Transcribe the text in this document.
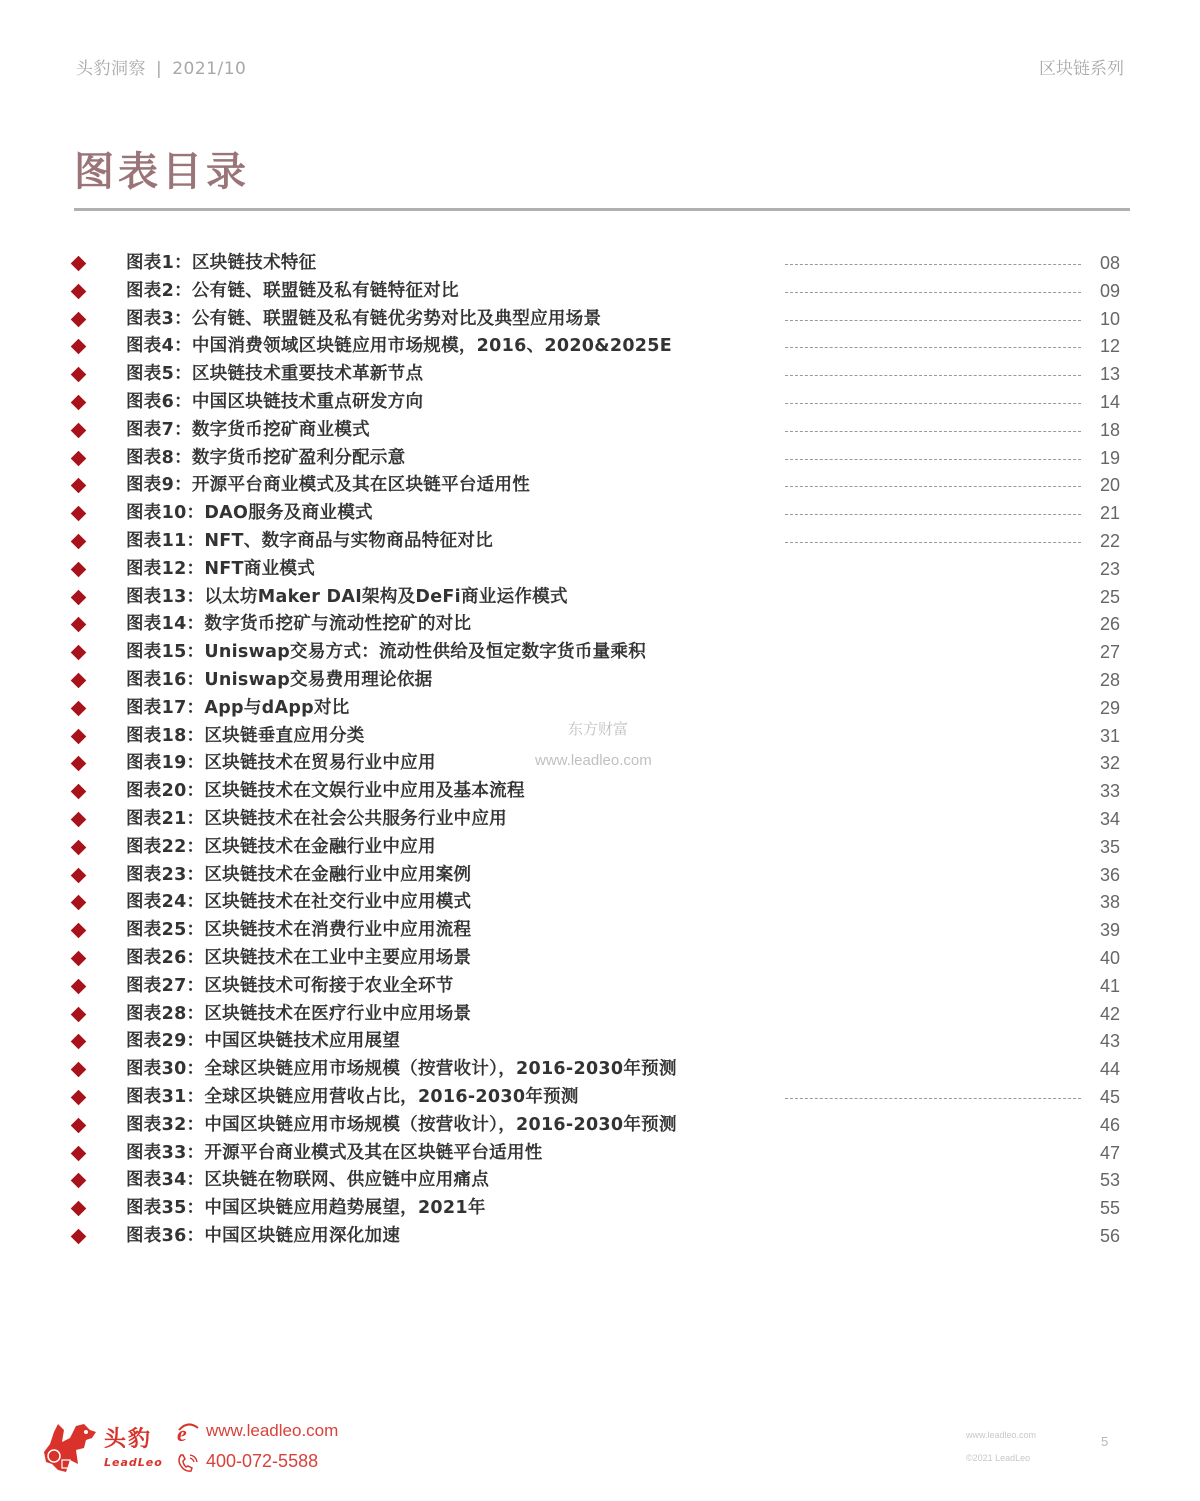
头豹洞察 | 2021/10	区块链系列
图表目录
图表1：区块链技术特征	08
图表2：公有链、联盟链及私有链特征对比	09
图表3：公有链、联盟链及私有链优劣势对比及典型应用场景	10
图表4：中国消费领域区块链应用市场规模，2016、2020&2025E	12
图表5：区块链技术重要技术革新节点	13
图表6：中国区块链技术重点研发方向	14
图表7：数字货币挖矿商业模式	18
图表8：数字货币挖矿盈利分配示意	19
图表9：开源平台商业模式及其在区块链平台适用性	20
图表10：DAO服务及商业模式	21
图表11：NFT、数字商品与实物商品特征对比	22
图表12：NFT商业模式	23
图表13：以太坊Maker DAI架构及DeFi商业运作模式	25
图表14：数字货币挖矿与流动性挖矿的对比	26
图表15：Uniswap交易方式：流动性供给及恒定数字货币量乘积	27
图表16：Uniswap交易费用理论依据	28
图表17：App与dApp对比	29
图表18：区块链垂直应用分类	31
图表19：区块链技术在贸易行业中应用	32
图表20：区块链技术在文娱行业中应用及基本流程	33
图表21：区块链技术在社会公共服务行业中应用	34
图表22：区块链技术在金融行业中应用	35
图表23：区块链技术在金融行业中应用案例	36
图表24：区块链技术在社交行业中应用模式	38
图表25：区块链技术在消费行业中应用流程	39
图表26：区块链技术在工业中主要应用场景	40
图表27：区块链技术可衔接于农业全环节	41
图表28：区块链技术在医疗行业中应用场景	42
图表29：中国区块链技术应用展望	43
图表30：全球区块链应用市场规模（按营收计），2016-2030年预测	44
图表31：全球区块链应用营收占比，2016-2030年预测	45
图表32：中国区块链应用市场规模（按营收计），2016-2030年预测	46
图表33：开源平台商业模式及其在区块链平台适用性	47
图表34：区块链在物联网、供应链中应用痛点	53
图表35：中国区块链应用趋势展望，2021年	55
图表36：中国区块链应用深化加速	56
东方财富
www.leadleo.com
头豹
LeadLeo
e www.leadleo.com
400-072-5588
www.leadleo.com
©2021 LeadLeo
5
